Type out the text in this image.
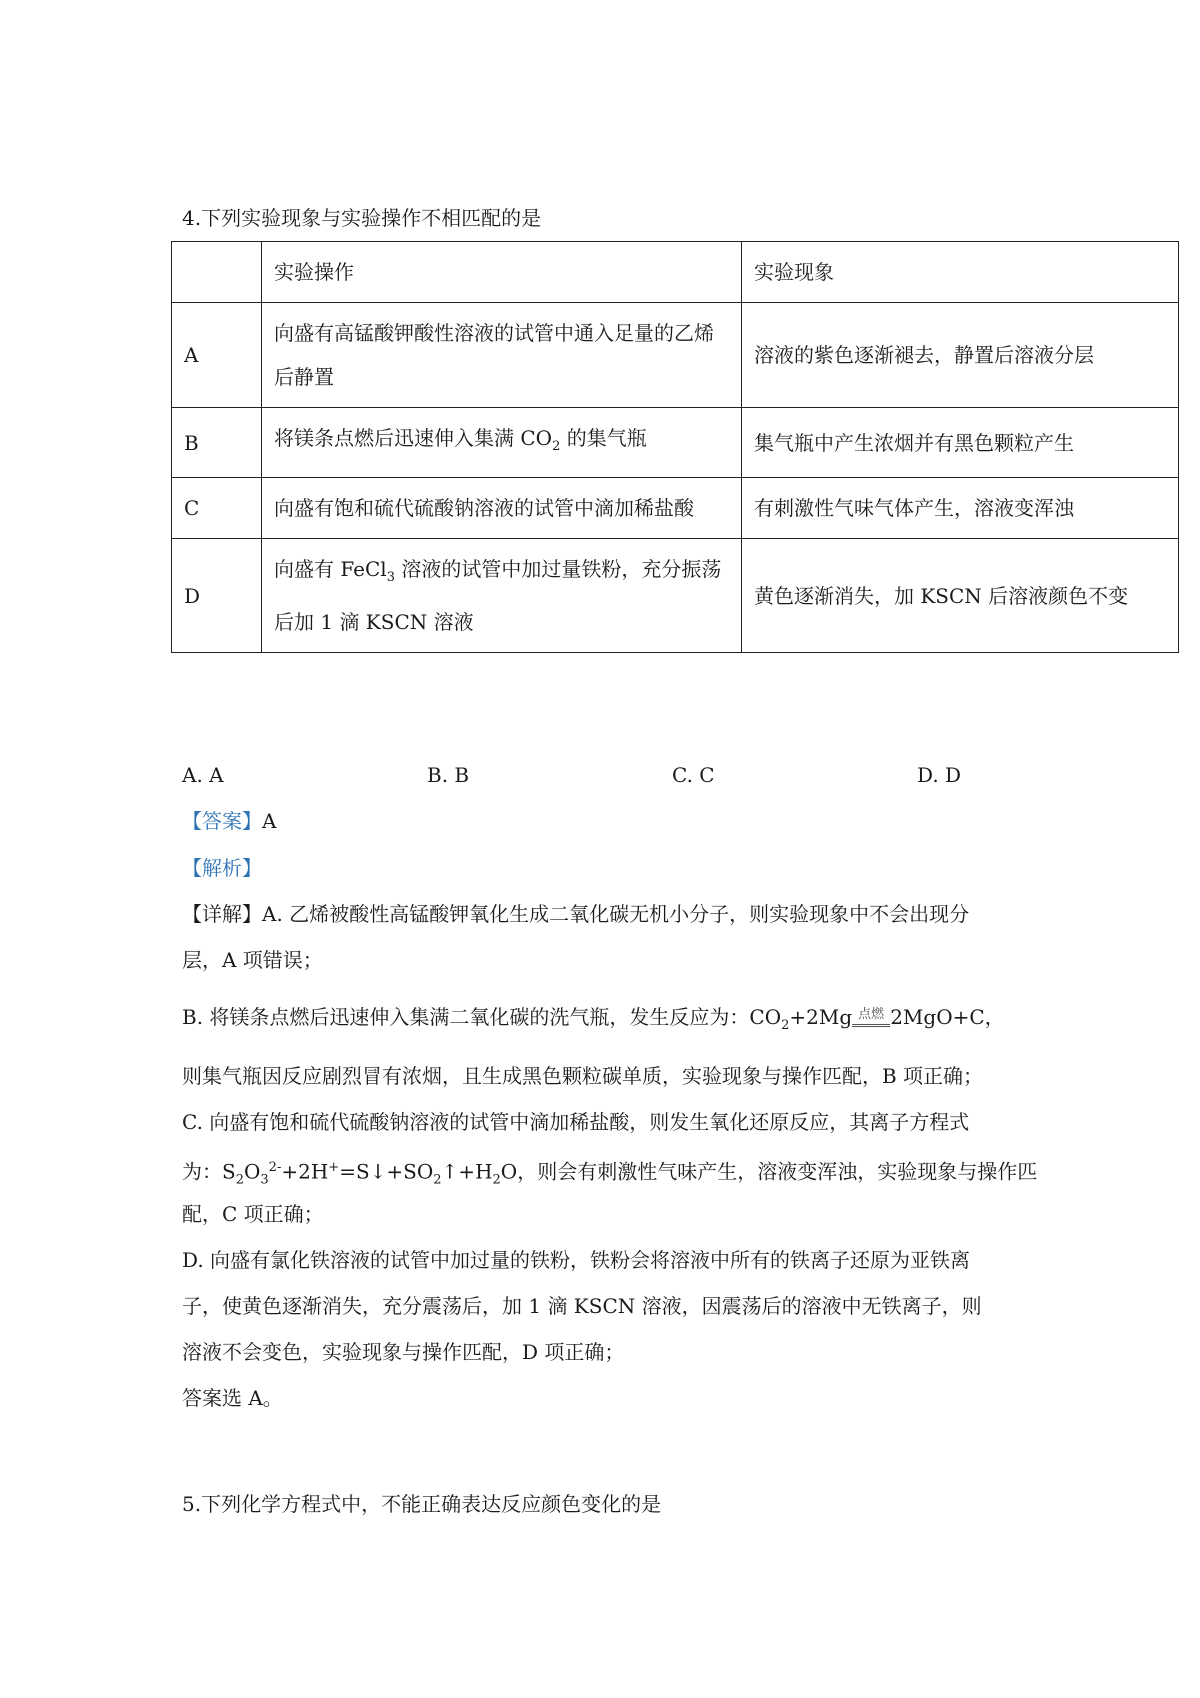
4.下列实验现象与实验操作不相匹配的是
	实验操作	实验现象
A	向盛有高锰酸钾酸性溶液的试管中通入足量的乙烯后静置	溶液的紫色逐渐褪去，静置后溶液分层
B	将镁条点燃后迅速伸入集满 $CO_2$ 的集气瓶	集气瓶中产生浓烟并有黑色颗粒产生
C	向盛有饱和硫代硫酸钠溶液的试管中滴加稀盐酸	有刺激性气味气体产生，溶液变浑浊
D	向盛有 FeCl$_3$ 溶液的试管中加过量铁粉，充分振荡后加 1 滴 KSCN 溶液	黄色逐渐消失，加 KSCN 后溶液颜色不变
A. A	B. B	C. C	D. D
【答案】A
【解析】
【详解】A. 乙烯被酸性高锰酸钾氧化生成二氧化碳无机小分子，则实验现象中不会出现分
层，A 项错误；
B. 将镁条点燃后迅速伸入集满二氧化碳的洗气瓶，发生反应为：$CO_2+2Mg$ 点燃 2MgO+C，
则集气瓶因反应剧烈冒有浓烟，且生成黑色颗粒碳单质，实验现象与操作匹配，B 项正确；
C. 向盛有饱和硫代硫酸钠溶液的试管中滴加稀盐酸，则发生氧化还原反应，其离子方程式
为：$S_2O_3^{2-}+2H^+=S↓+SO_2↑+H_2O$，则会有刺激性气味产生，溶液变浑浊，实验现象与操作匹
配，C 项正确；
D. 向盛有氯化铁溶液的试管中加过量的铁粉，铁粉会将溶液中所有的铁离子还原为亚铁离
子，使黄色逐渐消失，充分震荡后，加 1 滴 KSCN 溶液，因震荡后的溶液中无铁离子，则
溶液不会变色，实验现象与操作匹配，D 项正确；
答案选 A。
5.下列化学方程式中，不能正确表达反应颜色变化的是
